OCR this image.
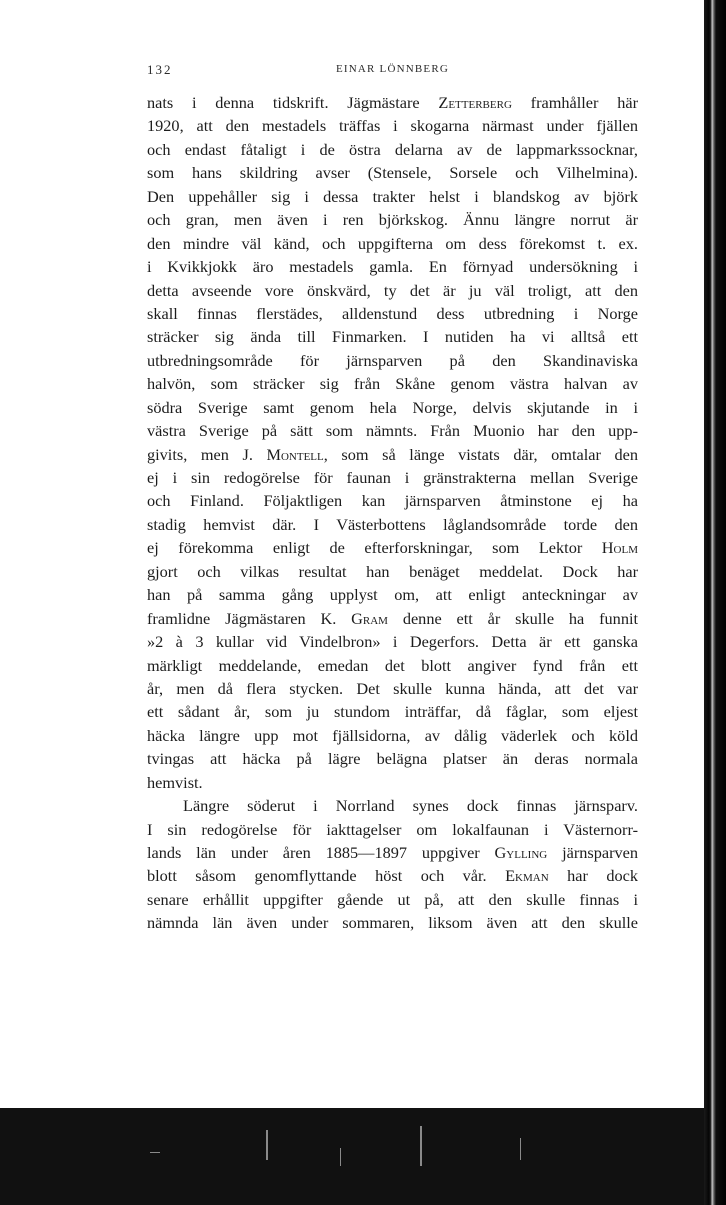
132	EINAR LÖNNBERG
nats i denna tidskrift. Jägmästare Zetterberg framhåller här
1920, att den mestadels träffas i skogarna närmast under fjällen
och endast fåtaligt i de östra delarna av de lappmarkssocknar,
som hans skildring avser (Stensele, Sorsele och Vilhelmina).
Den uppehåller sig i dessa trakter helst i blandskog av björk
och gran, men även i ren björkskog. Ännu längre norrut är
den mindre väl känd, och uppgifterna om dess förekomst t. ex.
i Kvikkjokk äro mestadels gamla. En förnyad undersökning i
detta avseende vore önskvärd, ty det är ju väl troligt, att den
skall finnas flerstädes, alldenstund dess utbredning i Norge
sträcker sig ända till Finmarken. I nutiden ha vi alltså ett
utbredningsområde för järnsparven på den Skandinaviska
halvön, som sträcker sig från Skåne genom västra halvan av
södra Sverige samt genom hela Norge, delvis skjutande in i
västra Sverige på sätt som nämnts. Från Muonio har den upp-
givits, men J. Montell, som så länge vistats där, omtalar den
ej i sin redogörelse för faunan i gränstrakterna mellan Sverige
och Finland. Följaktligen kan järnsparven åtminstone ej ha
stadig hemvist där. I Västerbottens låglandsområde torde den
ej förekomma enligt de efterforskningar, som Lektor Holm
gjort och vilkas resultat han benäget meddelat. Dock har
han på samma gång upplyst om, att enligt anteckningar av
framlidne Jägmästaren K. Gram denne ett år skulle ha funnit
»2 à 3 kullar vid Vindelbron» i Degerfors. Detta är ett ganska
märkligt meddelande, emedan det blott angiver fynd från ett
år, men då flera stycken. Det skulle kunna hända, att det var
ett sådant år, som ju stundom inträffar, då fåglar, som eljest
häcka längre upp mot fjällsidorna, av dålig väderlek och köld
tvingas att häcka på lägre belägna platser än deras normala
hemvist.
Längre söderut i Norrland synes dock finnas järnsparv.
I sin redogörelse för iakttagelser om lokalfaunan i Västernorr-
lands län under åren 1885—1897 uppgiver Gylling järnsparven
blott såsom genomflyttande höst och vår. Ekman har dock
senare erhållit uppgifter gående ut på, att den skulle finnas i
nämnda län även under sommaren, liksom även att den skulle
